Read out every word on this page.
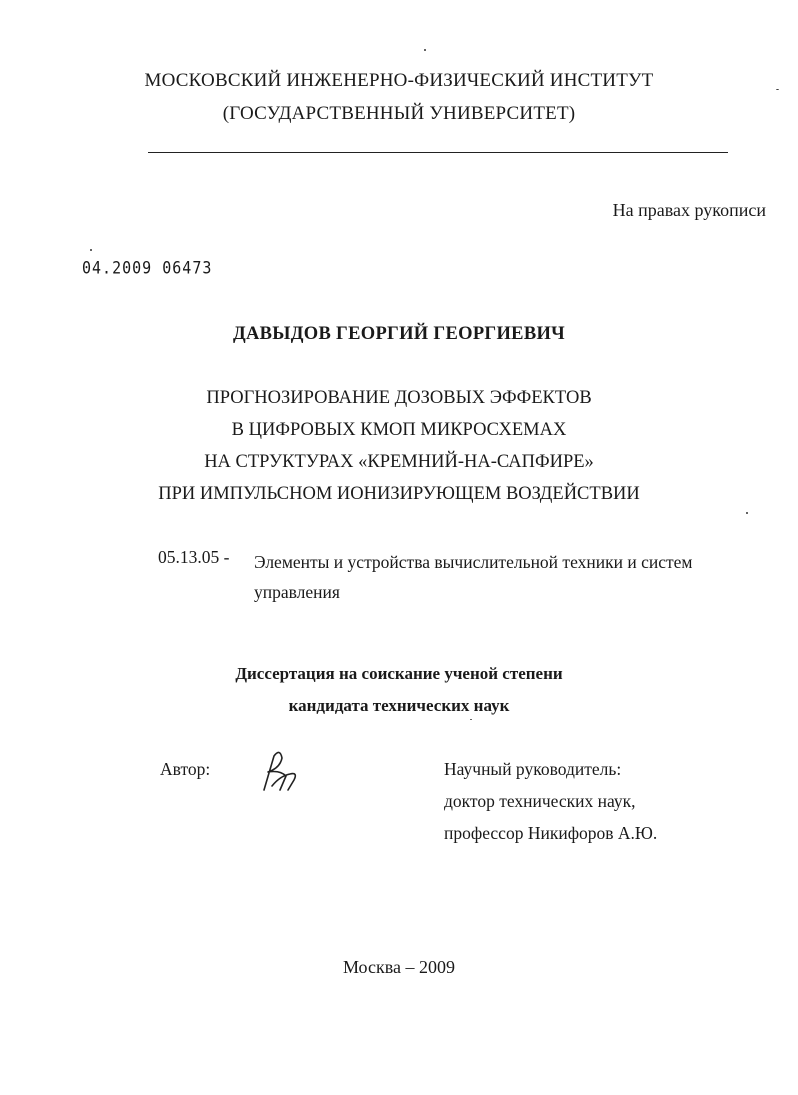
МОСКОВСКИЙ ИНЖЕНЕРНО-ФИЗИЧЕСКИЙ ИНСТИТУТ
(ГОСУДАРСТВЕННЫЙ УНИВЕРСИТЕТ)
На правах рукописи
04.2009 06473
ДАВЫДОВ ГЕОРГИЙ ГЕОРГИЕВИЧ
ПРОГНОЗИРОВАНИЕ ДОЗОВЫХ ЭФФЕКТОВ
В ЦИФРОВЫХ КМОП МИКРОСХЕМАХ
НА СТРУКТУРАХ «КРЕМНИЙ-НА-САПФИРЕ»
ПРИ ИМПУЛЬСНОМ ИОНИЗИРУЮЩЕМ ВОЗДЕЙСТВИИ
05.13.05 - Элементы и устройства вычислительной техники и систем управления
Диссертация на соискание ученой степени
кандидата технических наук
Автор:	Научный руководитель:
доктор технических наук,
профессор Никифоров А.Ю.
Москва – 2009
